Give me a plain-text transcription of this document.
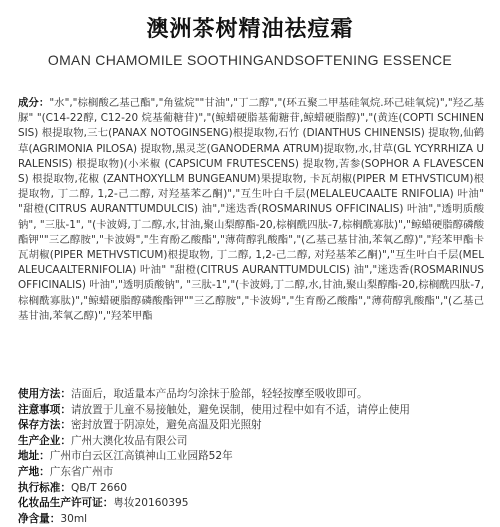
澳洲茶树精油祛痘霜
OMAN CHAMOMILE SOOTHINGANDSOFTENING ESSENCE
成分："水","棕榈酸乙基己酯","角鲨烷""甘油","丁二醇","(环五聚二甲基硅氧烷.环己硅氧烷)","羟乙基脲" "(C14-22醇, C12-20 烷基葡糖苷)","(鲸蜡硬脂基葡糖苷,鲸蜡硬脂醇)","(黄连(COPTI SCHINENSIS) 根提取物,三七(PANAX NOTOGINSENG)根提取物,石竹 (DIANTHUS CHINENSIS) 提取物,仙鹤草(AGRIMONIA PILOSA) 提取物,黑灵芝(GANODERMA ATRUM)提取物,水,甘草(GL YCYRRHIZA URALENSIS) 根提取物)(小米椒 (CAPSICUM FRUTESCENS) 提取物,苦参(SOPHOR A FLAVESCENS) 根提取物,花椒 (ZANTHOXYLLM BUNGEANUM)果提取物, 卡瓦胡椒(PIPER M ETHVSTICUM)根提取物, 丁二醇, 1,2-己二醇, 对羟基苯乙酮)","互生叶白千层(MELALEUCAALTE RNIFOLIA) 叶油" "甜橙(CITRUS AURANTTUMDULCIS) 油","迷迭香(ROSMARINUS OFFICINALIS) 叶油","透明质酸钠", "三肽-1", "(卡波姆,丁二醇,水,甘油,聚山梨醇酯-20,棕榈酰四肽-7,棕榈酰寡肽)","鲸蜡硬脂醇磷酸酯钾""三乙醇胺","卡波姆","生育酚乙酸酯","薄荷醇乳酸酯","(乙基己基甘油,苯氧乙醇)","羟苯甲酯卡瓦胡椒(PIPER METHVSTICUM)根提取物, 丁二醇, 1,2-己二醇, 对羟基苯乙酮)","互生叶白千层(MELALEUCAALTERNIFOLIA) 叶油" "甜橙(CITRUS AURANTTUMDULCIS) 油","迷迭香(ROSMARINUS OFFICINALIS) 叶油","透明质酸钠", "三肽-1","(卡波姆,丁二醇,水,甘油,聚山梨醇酯-20,棕榈酰四肽-7,棕榈酰寡肽)","鲸蜡硬脂醇磷酸酯钾""三乙醇胺","卡波姆","生育酚乙酸酯","薄荷醇乳酸酯","(乙基己基甘油,苯氧乙醇)","羟苯甲酯
使用方法：洁面后，取适量本产品均匀涂抹于脸部，轻轻按摩至吸收即可。
注意事项：请放置于儿童不易接触处，避免误制，使用过程中如有不适，请停止使用
保存方法：密封放置于阴凉处，避免高温及阳光照射
生产企业：广州大澳化妆品有限公司
地址：广州市白云区江高镇神山工业园路52年
产地：广东省广州市
执行标准：QB/T 2660
化妆品生产许可证：粤妆20160395
净含量：30ml
